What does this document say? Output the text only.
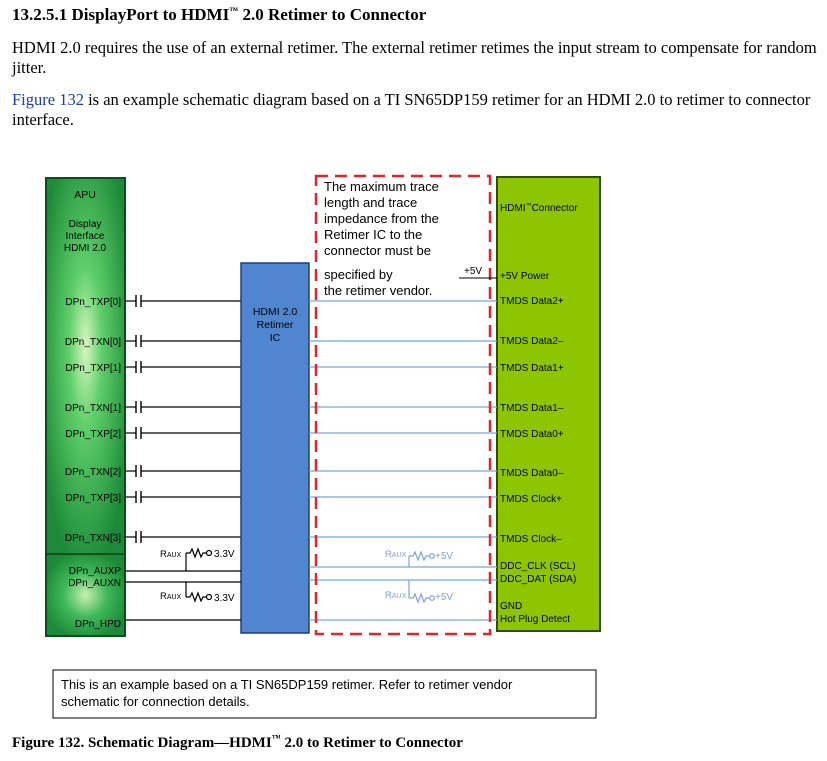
13.2.5.1 DisplayPort to HDMI™ 2.0 Retimer to Connector
HDMI 2.0 requires the use of an external retimer. The external retimer retimes the input stream to compensate for random jitter.
Figure 132 is an example schematic diagram based on a TI SN65DP159 retimer for an HDMI 2.0 to retimer to connector interface.
APU
Display
Interface
HDMI 2.0
DPn_TXP[0]
DPn_TXN[0]
DPn_TXP[1]
DPn_TXN[1]
DPn_TXP[2]
DPn_TXN[2]
DPn_TXP[3]
DPn_TXN[3]
DPn_AUXP
DPn_AUXN
DPn_HPD
HDMI 2.0
Retimer
IC
HDMI™Connector
+5V Power
TMDS Data2+
TMDS Data2–
TMDS Data1+
TMDS Data1–
TMDS Data0+
TMDS Data0–
TMDS Clock+
TMDS Clock–
DDC_CLK (SCL)
DDC_DAT (SDA)
GND
Hot Plug Detect
The maximum trace
length and trace
impedance from the
Retimer IC to the
connector must be
specified by
the retimer vendor.
+5V
RAUX	3.3V
RAUX	3.3V
RAUX	+5V
RAUX	+5V
This is an example based on a TI SN65DP159 retimer. Refer to retimer vendor
schematic for connection details.
Figure 132. Schematic Diagram—HDMI™ 2.0 to Retimer to Connector
